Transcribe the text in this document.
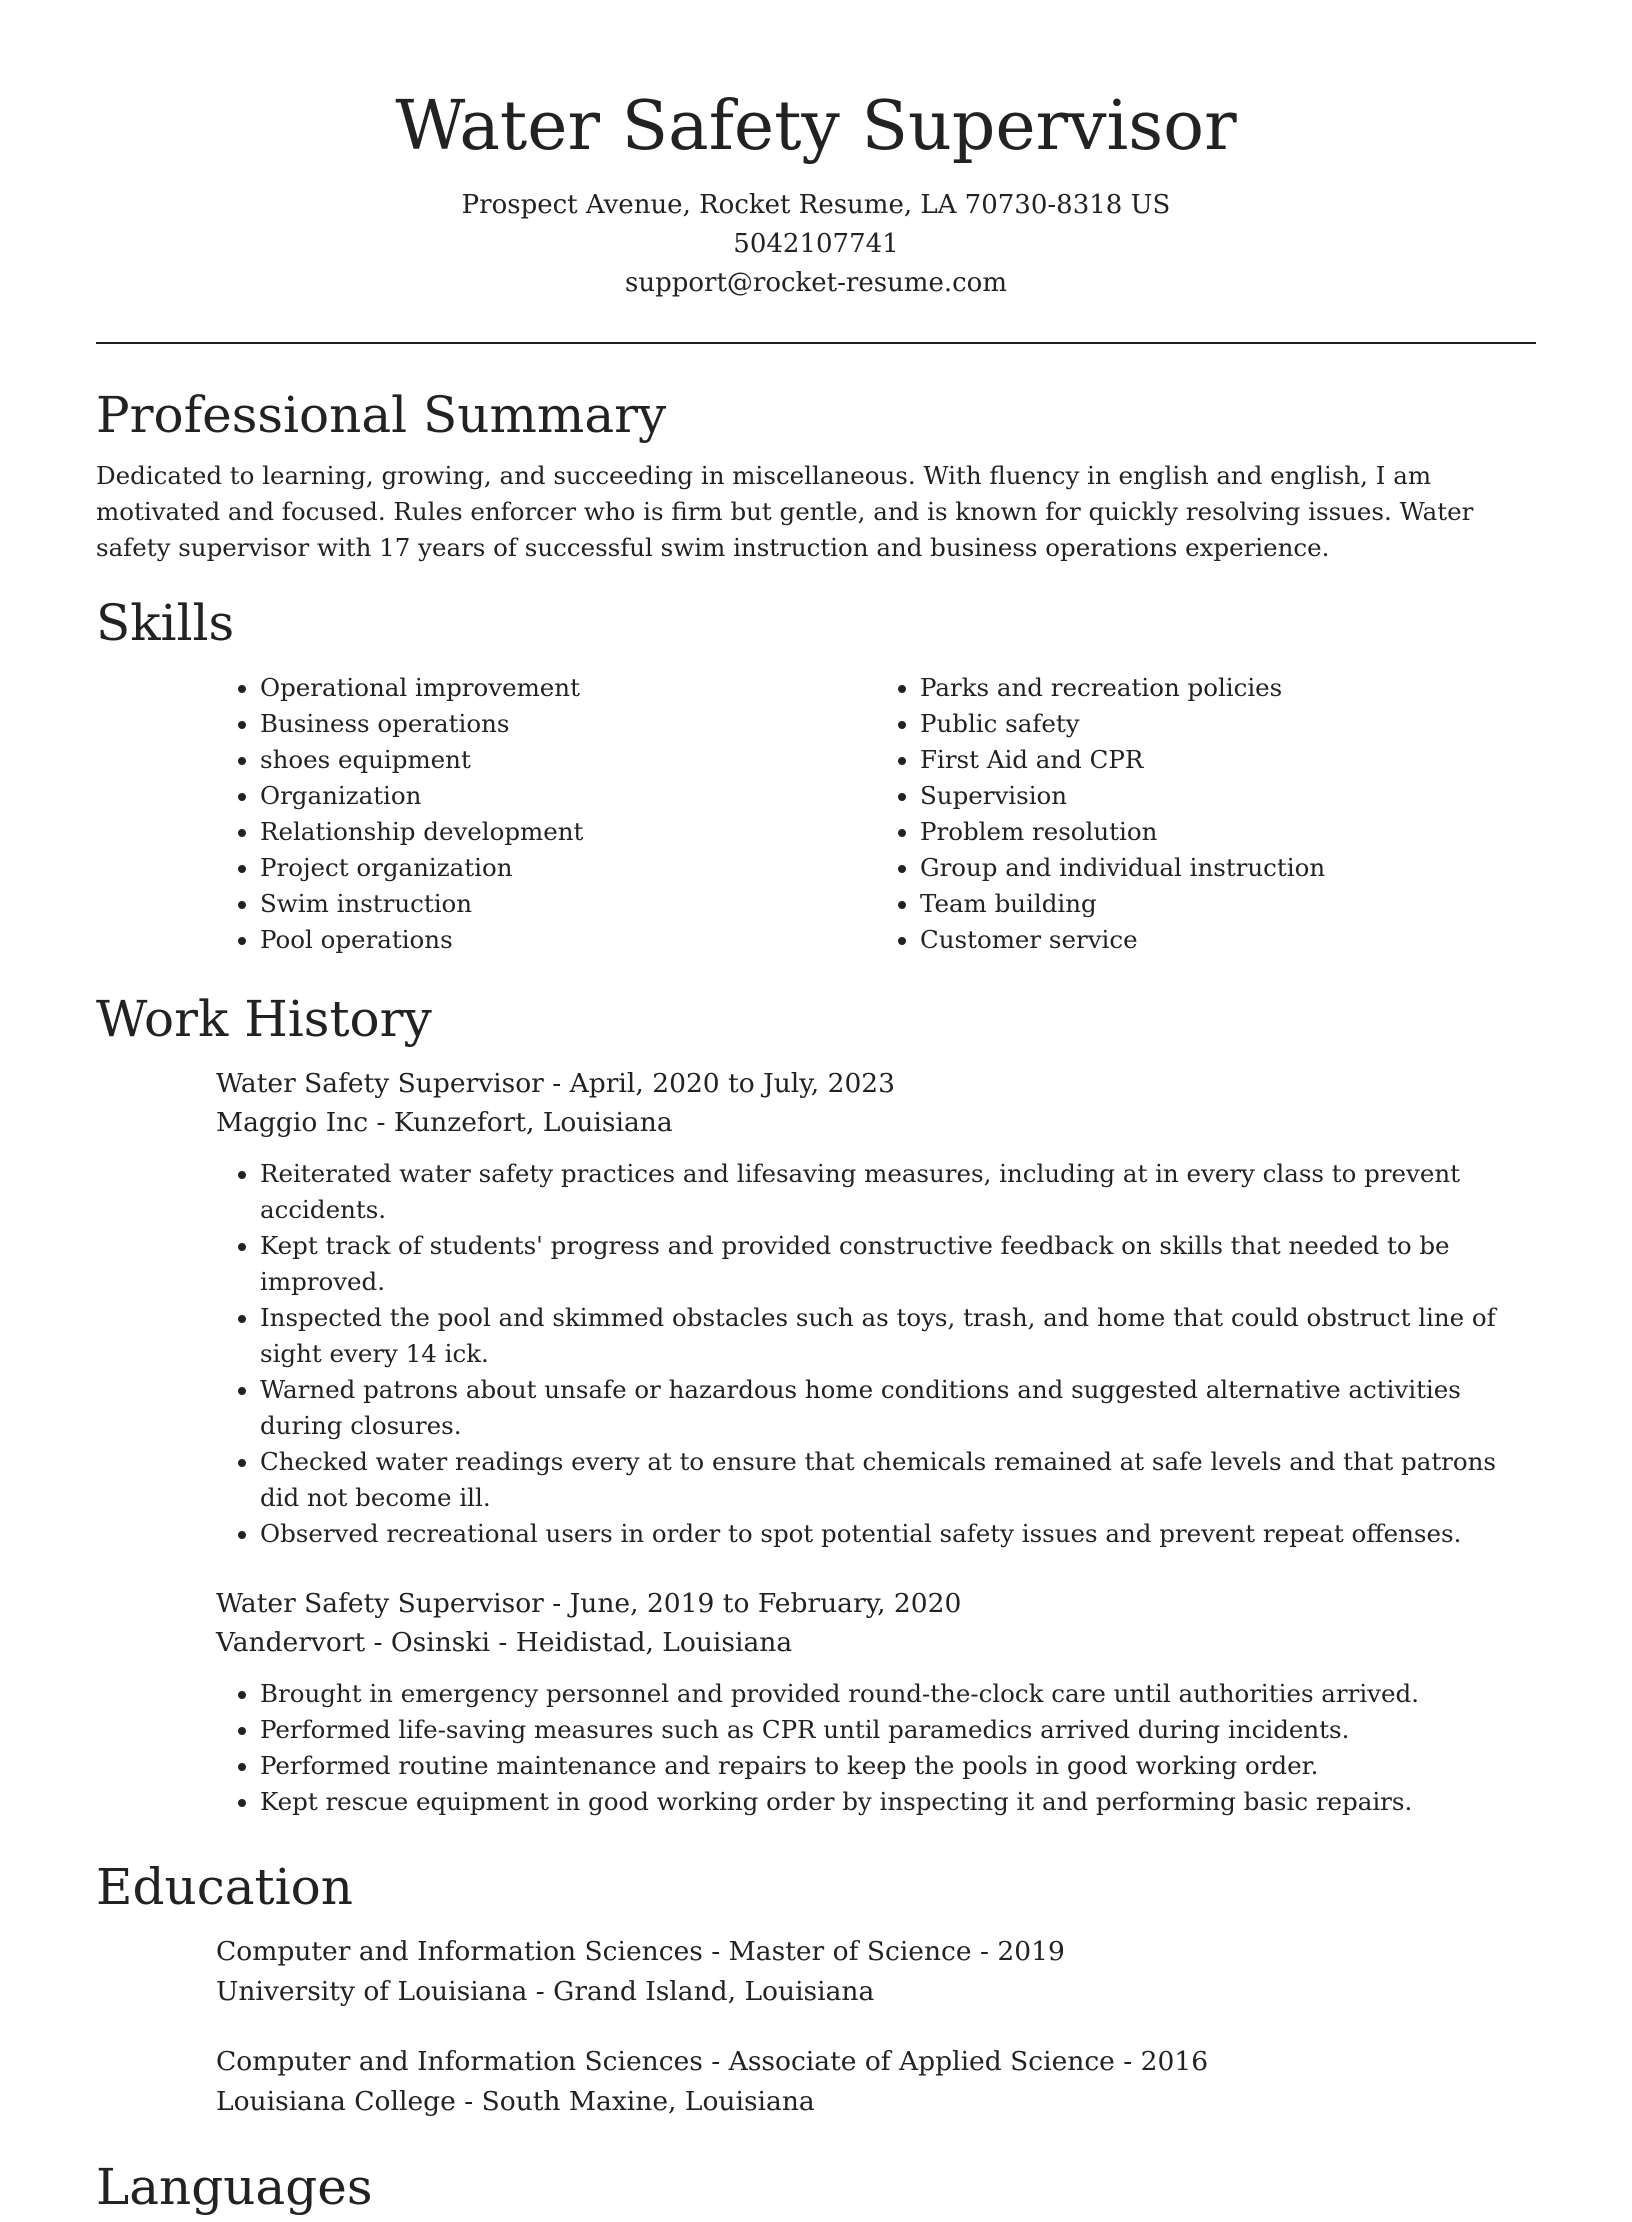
Water Safety Supervisor
Prospect Avenue, Rocket Resume, LA 70730-8318 US
5042107741
support@rocket-resume.com
Professional Summary
Dedicated to learning, growing, and succeeding in miscellaneous. With fluency in english and english, I am motivated and focused. Rules enforcer who is firm but gentle, and is known for quickly resolving issues. Water safety supervisor with 17 years of successful swim instruction and business operations experience.
Skills
• Operational improvement
• Business operations
• shoes equipment
• Organization
• Relationship development
• Project organization
• Swim instruction
• Pool operations
• Parks and recreation policies
• Public safety
• First Aid and CPR
• Supervision
• Problem resolution
• Group and individual instruction
• Team building
• Customer service
Work History
Water Safety Supervisor - April, 2020 to July, 2023
Maggio Inc - Kunzefort, Louisiana
• Reiterated water safety practices and lifesaving measures, including at in every class to prevent accidents.
• Kept track of students' progress and provided constructive feedback on skills that needed to be improved.
• Inspected the pool and skimmed obstacles such as toys, trash, and home that could obstruct line of sight every 14 ick.
• Warned patrons about unsafe or hazardous home conditions and suggested alternative activities during closures.
• Checked water readings every at to ensure that chemicals remained at safe levels and that patrons did not become ill.
• Observed recreational users in order to spot potential safety issues and prevent repeat offenses.
Water Safety Supervisor - June, 2019 to February, 2020
Vandervort - Osinski - Heidistad, Louisiana
• Brought in emergency personnel and provided round-the-clock care until authorities arrived.
• Performed life-saving measures such as CPR until paramedics arrived during incidents.
• Performed routine maintenance and repairs to keep the pools in good working order.
• Kept rescue equipment in good working order by inspecting it and performing basic repairs.
Education
Computer and Information Sciences - Master of Science - 2019
University of Louisiana - Grand Island, Louisiana
Computer and Information Sciences - Associate of Applied Science - 2016
Louisiana College - South Maxine, Louisiana
Languages
